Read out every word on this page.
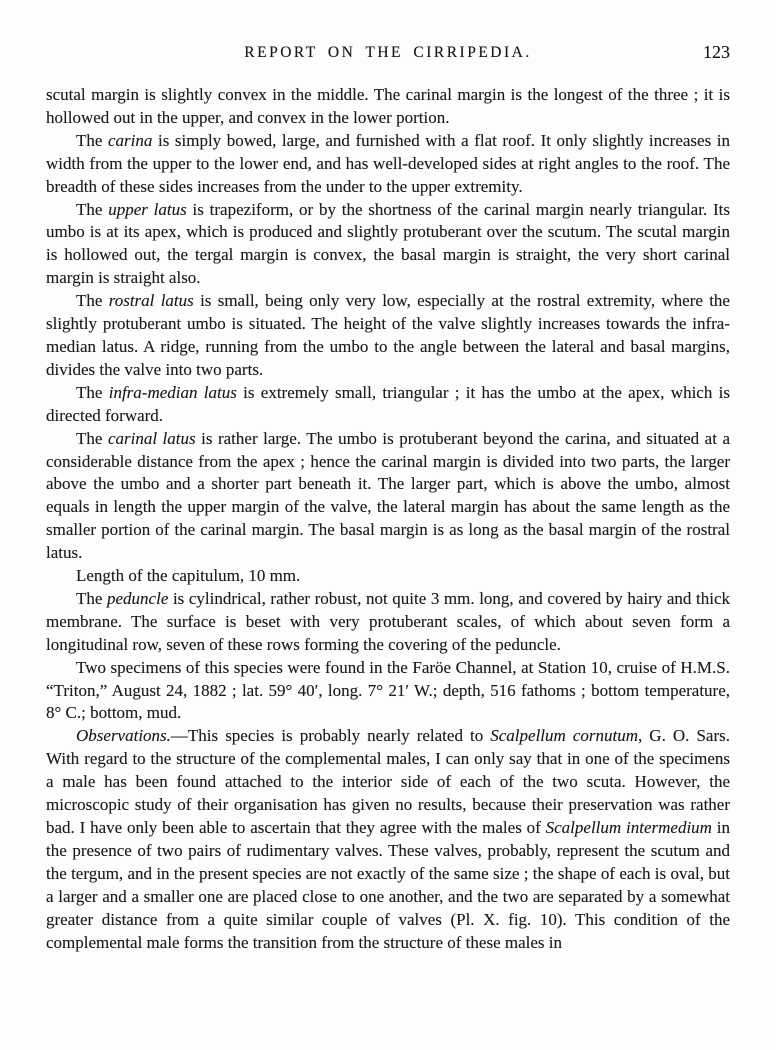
REPORT ON THE CIRRIPEDIA.	123

scutal margin is slightly convex in the middle. The carinal margin is the longest of the three ; it is hollowed out in the upper, and convex in the lower portion.

The carina is simply bowed, large, and furnished with a flat roof. It only slightly increases in width from the upper to the lower end, and has well-developed sides at right angles to the roof. The breadth of these sides increases from the under to the upper extremity.

The upper latus is trapeziform, or by the shortness of the carinal margin nearly triangular. Its umbo is at its apex, which is produced and slightly protuberant over the scutum. The scutal margin is hollowed out, the tergal margin is convex, the basal margin is straight, the very short carinal margin is straight also.

The rostral latus is small, being only very low, especially at the rostral extremity, where the slightly protuberant umbo is situated. The height of the valve slightly increases towards the infra-median latus. A ridge, running from the umbo to the angle between the lateral and basal margins, divides the valve into two parts.

The infra-median latus is extremely small, triangular ; it has the umbo at the apex, which is directed forward.

The carinal latus is rather large. The umbo is protuberant beyond the carina, and situated at a considerable distance from the apex ; hence the carinal margin is divided into two parts, the larger above the umbo and a shorter part beneath it. The larger part, which is above the umbo, almost equals in length the upper margin of the valve, the lateral margin has about the same length as the smaller portion of the carinal margin. The basal margin is as long as the basal margin of the rostral latus.

Length of the capitulum, 10 mm.

The peduncle is cylindrical, rather robust, not quite 3 mm. long, and covered by hairy and thick membrane. The surface is beset with very protuberant scales, of which about seven form a longitudinal row, seven of these rows forming the covering of the peduncle.

Two specimens of this species were found in the Faröe Channel, at Station 10, cruise of H.M.S. “Triton,” August 24, 1882 ; lat. 59° 40′, long. 7° 21′ W.; depth, 516 fathoms ; bottom temperature, 8° C.; bottom, mud.

Observations.—This species is probably nearly related to Scalpellum cornutum, G. O. Sars. With regard to the structure of the complemental males, I can only say that in one of the specimens a male has been found attached to the interior side of each of the two scuta. However, the microscopic study of their organisation has given no results, because their preservation was rather bad. I have only been able to ascertain that they agree with the males of Scalpellum intermedium in the presence of two pairs of rudimentary valves. These valves, probably, represent the scutum and the tergum, and in the present species are not exactly of the same size ; the shape of each is oval, but a larger and a smaller one are placed close to one another, and the two are separated by a somewhat greater distance from a quite similar couple of valves (Pl. X. fig. 10). This condition of the complemental male forms the transition from the structure of these males in
